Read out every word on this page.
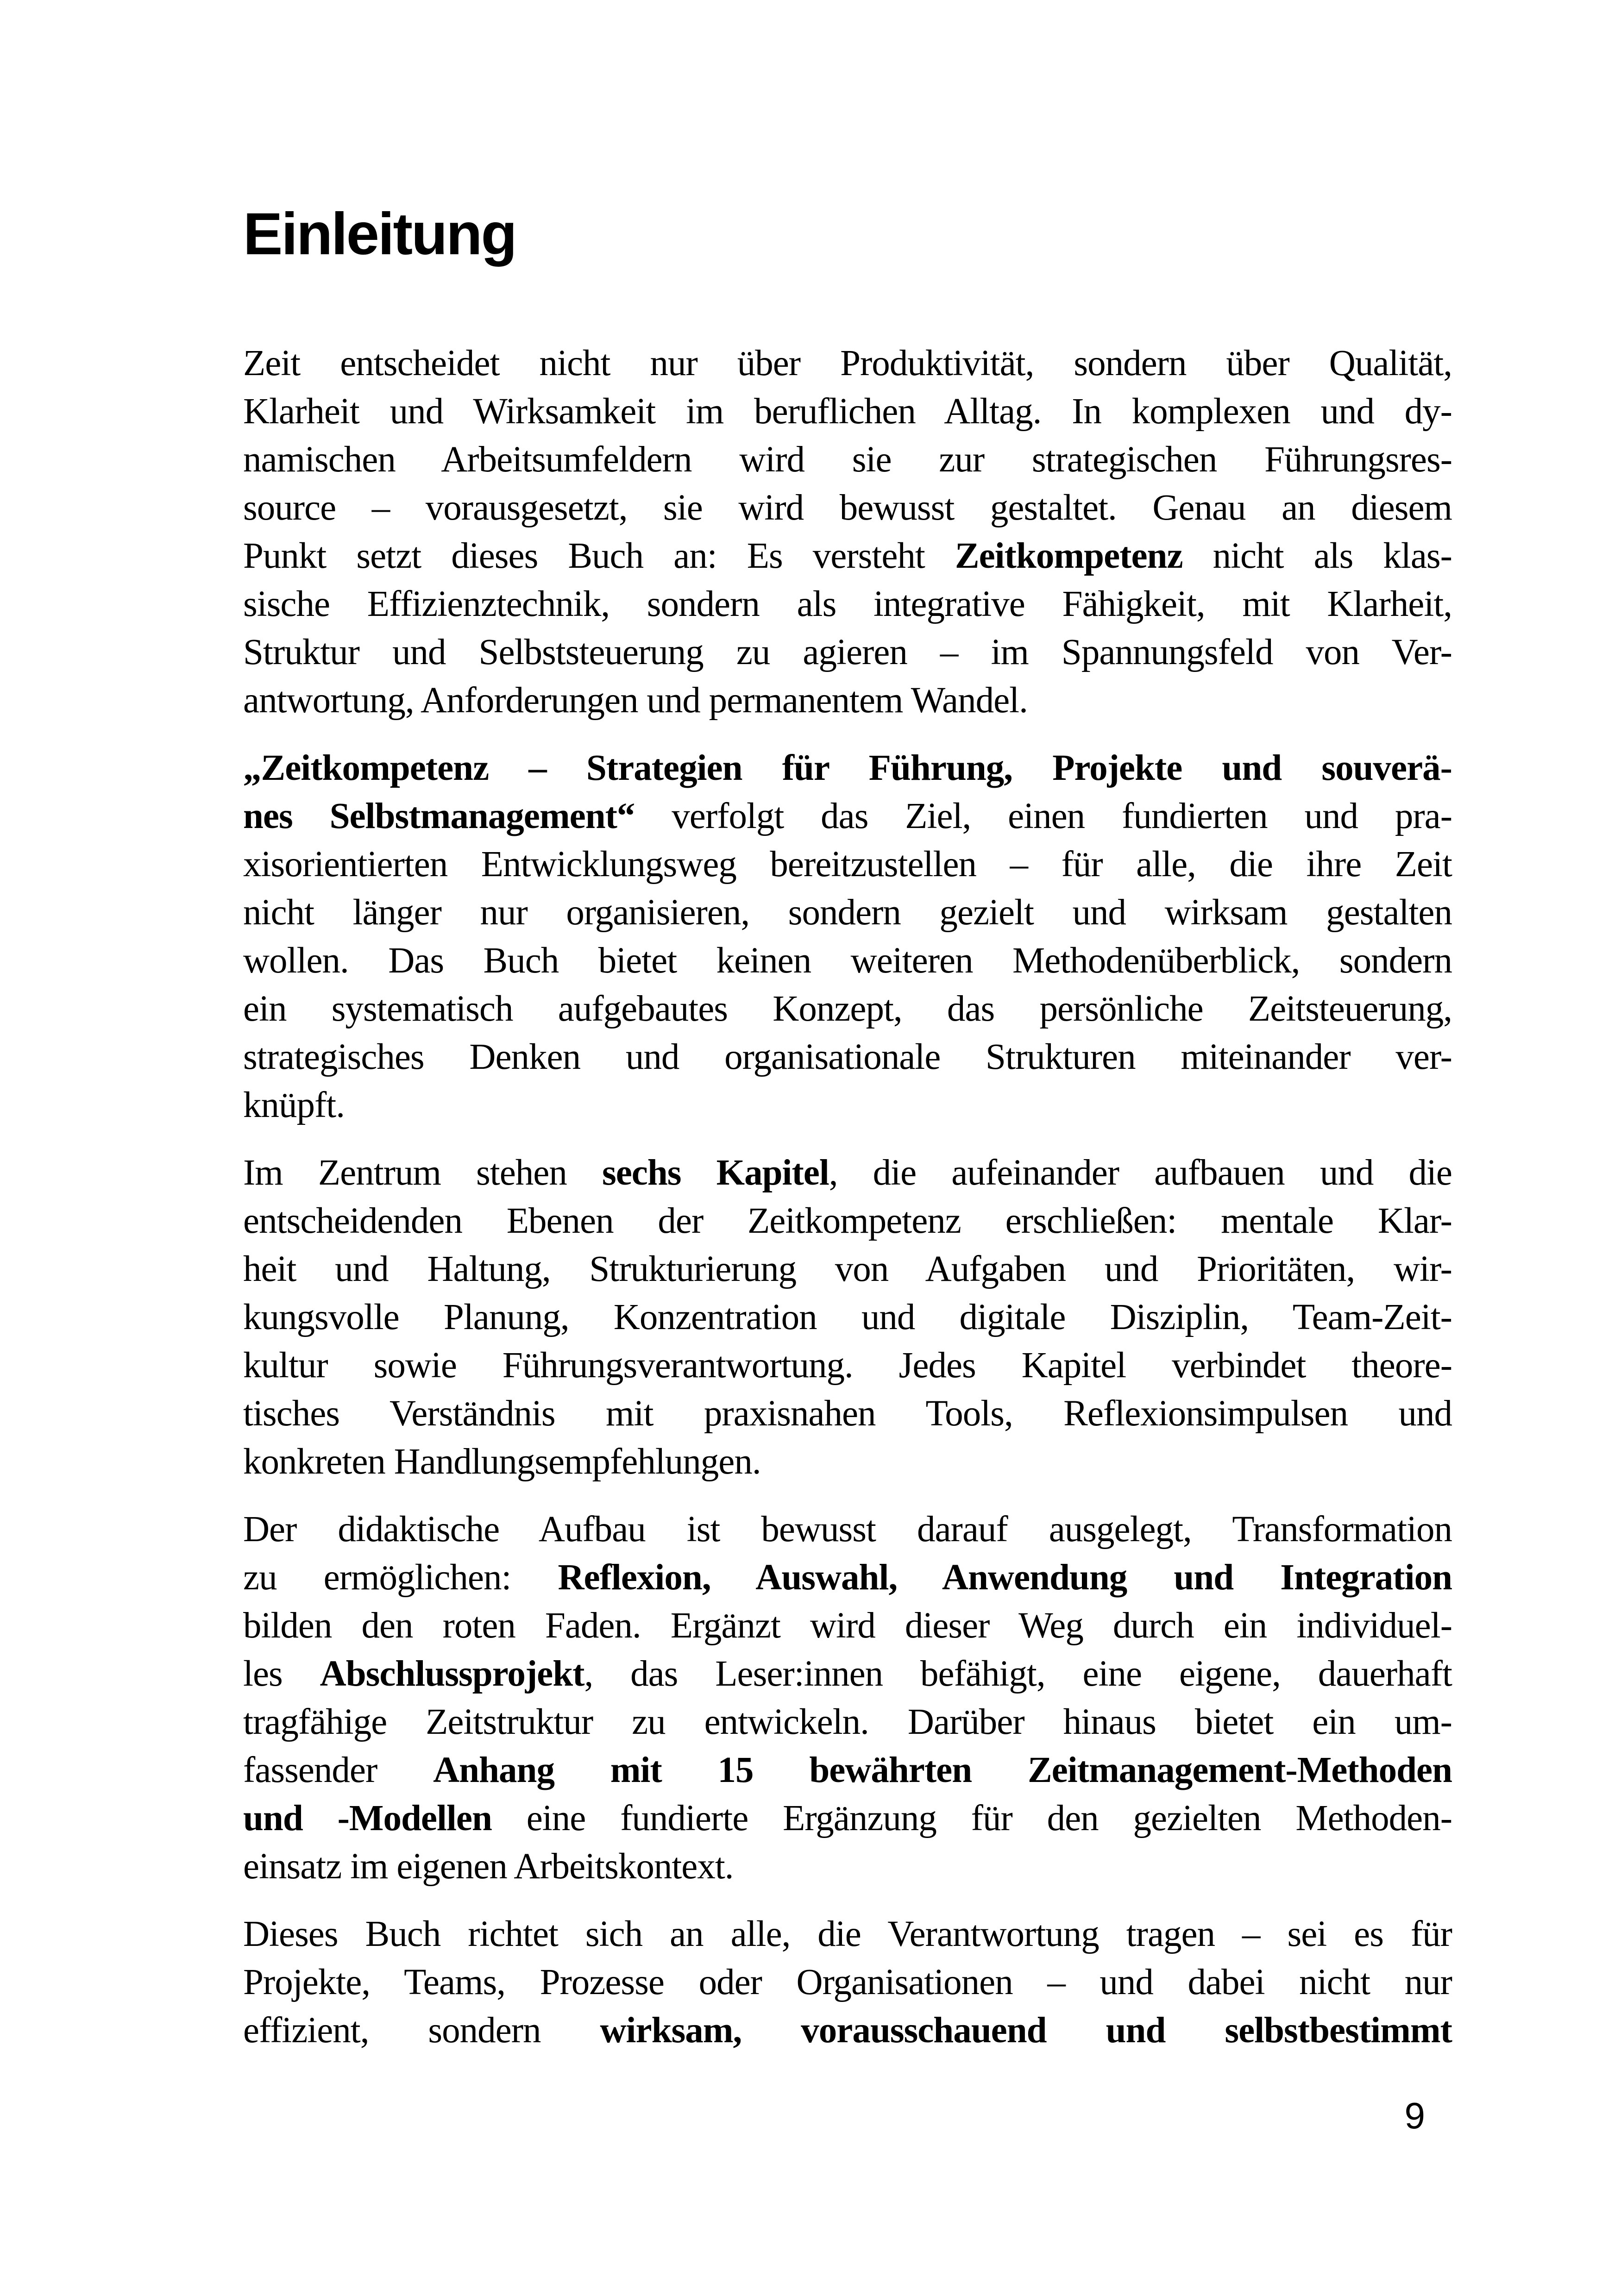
Einleitung

Zeit entscheidet nicht nur über Produktivität, sondern über Qualität,
Klarheit und Wirksamkeit im beruflichen Alltag. In komplexen und dy-
namischen Arbeitsumfeldern wird sie zur strategischen Führungsres-
source – vorausgesetzt, sie wird bewusst gestaltet. Genau an diesem
Punkt setzt dieses Buch an: Es versteht Zeitkompetenz nicht als klas-
sische Effizienztechnik, sondern als integrative Fähigkeit, mit Klarheit,
Struktur und Selbststeuerung zu agieren – im Spannungsfeld von Ver-
antwortung, Anforderungen und permanentem Wandel.

„Zeitkompetenz – Strategien für Führung, Projekte und souverä-
nes Selbstmanagement“ verfolgt das Ziel, einen fundierten und pra-
xisorientierten Entwicklungsweg bereitzustellen – für alle, die ihre Zeit
nicht länger nur organisieren, sondern gezielt und wirksam gestalten
wollen. Das Buch bietet keinen weiteren Methodenüberblick, sondern
ein systematisch aufgebautes Konzept, das persönliche Zeitsteuerung,
strategisches Denken und organisationale Strukturen miteinander ver-
knüpft.

Im Zentrum stehen sechs Kapitel, die aufeinander aufbauen und die
entscheidenden Ebenen der Zeitkompetenz erschließen: mentale Klar-
heit und Haltung, Strukturierung von Aufgaben und Prioritäten, wir-
kungsvolle Planung, Konzentration und digitale Disziplin, Team-Zeit-
kultur sowie Führungsverantwortung. Jedes Kapitel verbindet theore-
tisches Verständnis mit praxisnahen Tools, Reflexionsimpulsen und
konkreten Handlungsempfehlungen.

Der didaktische Aufbau ist bewusst darauf ausgelegt, Transformation
zu ermöglichen: Reflexion, Auswahl, Anwendung und Integration
bilden den roten Faden. Ergänzt wird dieser Weg durch ein individuel-
les Abschlussprojekt, das Leser:innen befähigt, eine eigene, dauerhaft
tragfähige Zeitstruktur zu entwickeln. Darüber hinaus bietet ein um-
fassender Anhang mit 15 bewährten Zeitmanagement-Methoden
und -Modellen eine fundierte Ergänzung für den gezielten Methoden-
einsatz im eigenen Arbeitskontext.

Dieses Buch richtet sich an alle, die Verantwortung tragen – sei es für
Projekte, Teams, Prozesse oder Organisationen – und dabei nicht nur
effizient, sondern wirksam, vorausschauend und selbstbestimmt

9
